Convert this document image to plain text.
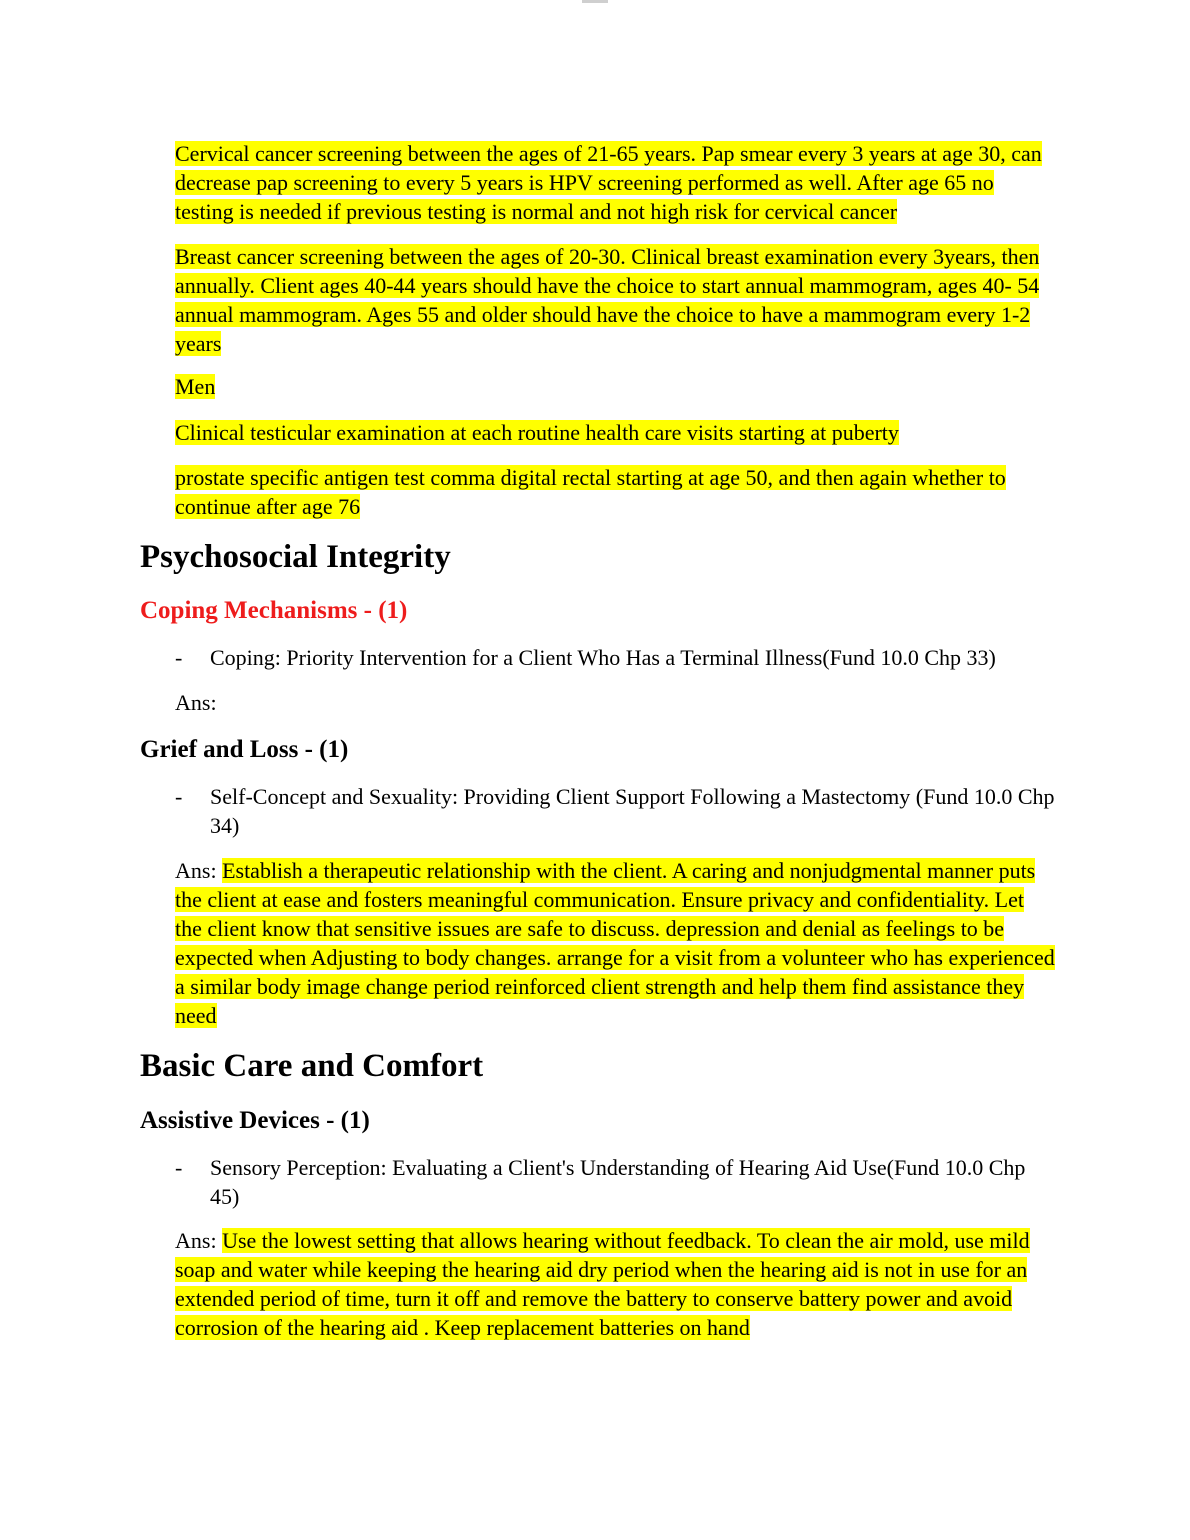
Cervical cancer screening between the ages of 21-65 years. Pap smear every 3 years at age 30, can decrease pap screening to every 5 years is HPV screening performed as well. After age 65 no testing is needed if previous testing is normal and not high risk for cervical cancer

Breast cancer screening between the ages of 20-30. Clinical breast examination every 3years, then annually. Client ages 40-44 years should have the choice to start annual mammogram, ages 40- 54 annual mammogram. Ages 55 and older should have the choice to have a mammogram every 1-2 years

Men

Clinical testicular examination at each routine health care visits starting at puberty

prostate specific antigen test comma digital rectal starting at age 50, and then again whether to continue after age 76

Psychosocial Integrity
Coping Mechanisms - (1)
- Coping: Priority Intervention for a Client Who Has a Terminal Illness(Fund 10.0 Chp 33)

Ans:

Grief and Loss - (1)
- Self-Concept and Sexuality: Providing Client Support Following a Mastectomy (Fund 10.0 Chp 34)

Ans: Establish a therapeutic relationship with the client. A caring and nonjudgmental manner puts the client at ease and fosters meaningful communication. Ensure privacy and confidentiality. Let the client know that sensitive issues are safe to discuss. depression and denial as feelings to be expected when Adjusting to body changes. arrange for a visit from a volunteer who has experienced a similar body image change period reinforced client strength and help them find assistance they need

Basic Care and Comfort
Assistive Devices - (1)
- Sensory Perception: Evaluating a Client's Understanding of Hearing Aid Use(Fund 10.0 Chp 45)

Ans: Use the lowest setting that allows hearing without feedback. To clean the air mold, use mild soap and water while keeping the hearing aid dry period when the hearing aid is not in use for an extended period of time, turn it off and remove the battery to conserve battery power and avoid corrosion of the hearing aid . Keep replacement batteries on hand
